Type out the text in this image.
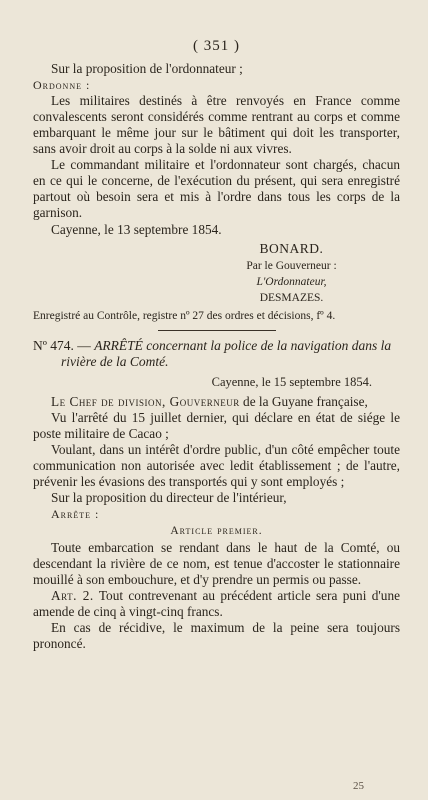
( 351 )

Sur la proposition de l'ordonnateur ;

Ordonne :

Les militaires destinés à être renvoyés en France comme convalescents seront considérés comme rentrant au corps et comme embarquant le même jour sur le bâtiment qui doit les transporter, sans avoir droit au corps à la solde ni aux vivres.

Le commandant militaire et l'ordonnateur sont chargés, chacun en ce qui le concerne, de l'exécution du présent, qui sera enregistré partout où besoin sera et mis à l'ordre dans tous les corps de la garnison.

Cayenne, le 13 septembre 1854.

BONARD.
Par le Gouverneur :
L'Ordonnateur,
DESMAZES.

Enregistré au Contrôle, registre nº 27 des ordres et décisions, fº 4.

Nº 474. — ARRÊTÉ concernant la police de la navigation dans la rivière de la Comté.

Cayenne, le 15 septembre 1854.

Le Chef de division, Gouverneur de la Guyane française,

Vu l'arrêté du 15 juillet dernier, qui déclare en état de siége le poste militaire de Cacao ;

Voulant, dans un intérêt d'ordre public, d'un côté empêcher toute communication non autorisée avec ledit établissement ; de l'autre, prévenir les évasions des transportés qui y sont employés ;

Sur la proposition du directeur de l'intérieur,

Arrête :

Article premier.

Toute embarcation se rendant dans le haut de la Comté, ou descendant la rivière de ce nom, est tenue d'accoster le stationnaire mouillé à son embouchure, et d'y prendre un permis ou passe.

Art. 2. Tout contrevenant au précédent article sera puni d'une amende de cinq à vingt-cinq francs.

En cas de récidive, le maximum de la peine sera toujours prononcé.

25
